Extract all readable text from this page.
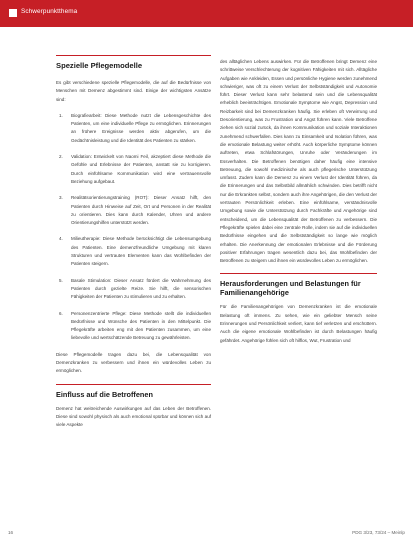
Schwerpunktthema
Spezielle Pflegemodelle

Es gibt verschiedene spezielle Pflegemodelle, die auf die Bedürfnisse von Menschen mit Demenz abgestimmt sind. Einige der wichtigsten Ansätze sind:

1. Biografiearbeit: Diese Methode nutzt die Lebensgeschichte des Patienten, um eine individuelle Pflege zu ermöglichen. Erinnerungen an frühere Ereignisse werden aktiv abgerufen, um die Gedächtnisleistung und die Identität des Patienten zu stärken.
2. Validation: Entwickelt von Naomi Feil, akzeptiert diese Methode die Gefühle und Erlebnisse der Patienten, anstatt sie zu korrigieren. Durch einfühlsame Kommunikation wird eine vertrauensvolle Beziehung aufgebaut.
3. Realitätsorientierungstraining (ROT): Dieser Ansatz hilft, den Patienten durch Hinweise auf Zeit, Ort und Personen in der Realität zu orientieren. Dies kann durch Kalender, Uhren und andere Orientierungshilfen unterstützt werden.
4. Milieutherapie: Diese Methode berücksichtigt die Lebensumgebung des Patienten. Eine demenzfreundliche Umgebung mit klaren Strukturen und vertrauten Elementen kann das Wohlbefinden der Patienten steigern.
5. Basale Stimulation: Dieser Ansatz fördert die Wahrnehmung des Patienten durch gezielte Reize. Sie hilft, die sensorischen Fähigkeiten der Patienten zu stimulieren und zu erhalten.
6. Personenzentrierte Pflege: Diese Methode stellt die individuellen Bedürfnisse und Wünsche des Patienten in den Mittelpunkt. Die Pflegekräfte arbeiten eng mit den Patienten zusammen, um eine liebevolle und wertschätzende Betreuung zu gewährleisten.

Diese Pflegemodelle tragen dazu bei, die Lebensqualität von Demenzkranken zu verbessern und ihnen ein würdevolles Leben zu ermöglichen.

Einfluss auf die Betroffenen

Demenz hat weitreichende Auswirkungen auf das Leben der Betroffenen. Diese sind sowohl physisch als auch emotional spürbar und können sich auf viele Aspekte

des alltäglichen Lebens auswirken. Für die Betroffenen bringt Demenz eine schrittweise Verschlechterung der kognitiven Fähigkeiten mit sich. Alltägliche Aufgaben wie Ankleiden, Essen und persönliche Hygiene werden zunehmend schwieriger, was oft zu einem Verlust der Selbstständigkeit und Autonomie führt. Dieser Verlust kann sehr belastend sein und die Lebensqualität erheblich beeinträchtigen. Emotionale Symptome wie Angst, Depression und Reizbarkeit sind bei Demenzkranken häufig. Sie erleben oft Verwirrung und Desorientierung, was zu Frustration und Angst führen kann. Viele Betroffene ziehen sich sozial zurück, da ihnen Kommunikation und soziale Interaktionen zunehmend schwerfallen. Dies kann zu Einsamkeit und Isolation führen, was die emotionale Belastung weiter erhöht. Auch körperliche Symptome können auftreten, etwa Schlafstörungen, Unruhe oder Veränderungen im Essverhalten. Die Betroffenen benötigen daher häufig eine intensive Betreuung, die sowohl medizinische als auch pflegerische Unterstützung umfasst. Zudem kann die Demenz zu einem Verlust der Identität führen, da die Erinnerungen und das Selbstbild allmählich schwinden. Dies betrifft nicht nur die Erkrankten selbst, sondern auch ihre Angehörigen, die den Verlust der vertrauten Persönlichkeit erleben. Eine einfühlsame, verständnisvolle Umgebung sowie die Unterstützung durch Fachkräfte und Angehörige sind entscheidend, um die Lebensqualität der Betroffenen zu verbessern. Die Pflegekräfte spielen dabei eine zentrale Rolle, indem sie auf die individuellen Bedürfnisse eingehen und die Selbstständigkeit so lange wie möglich erhalten. Die Anerkennung der emotionalen Erlebnisse und die Förderung positiver Erfahrungen tragen wesentlich dazu bei, das Wohlbefinden der Betroffenen zu steigern und ihnen ein würdevolles Leben zu ermöglichen.

Herausforderungen und Belastungen für Familienangehörige

Für die Familienangehörigen von Demenzkranken ist die emotionale Belastung oft immens. Zu sehen, wie ein geliebter Mensch seine Erinnerungen und Persönlichkeit verliert, kann tief verletzen und erschüttern. Auch die eigene emotionale Wohlbefinden ist durch Belastungen häufig gefährdet. Angehörige fühlen sich oft hilflos, Wut, Frustration und

16	PDG 3/23, 73/24 – Meinlp
